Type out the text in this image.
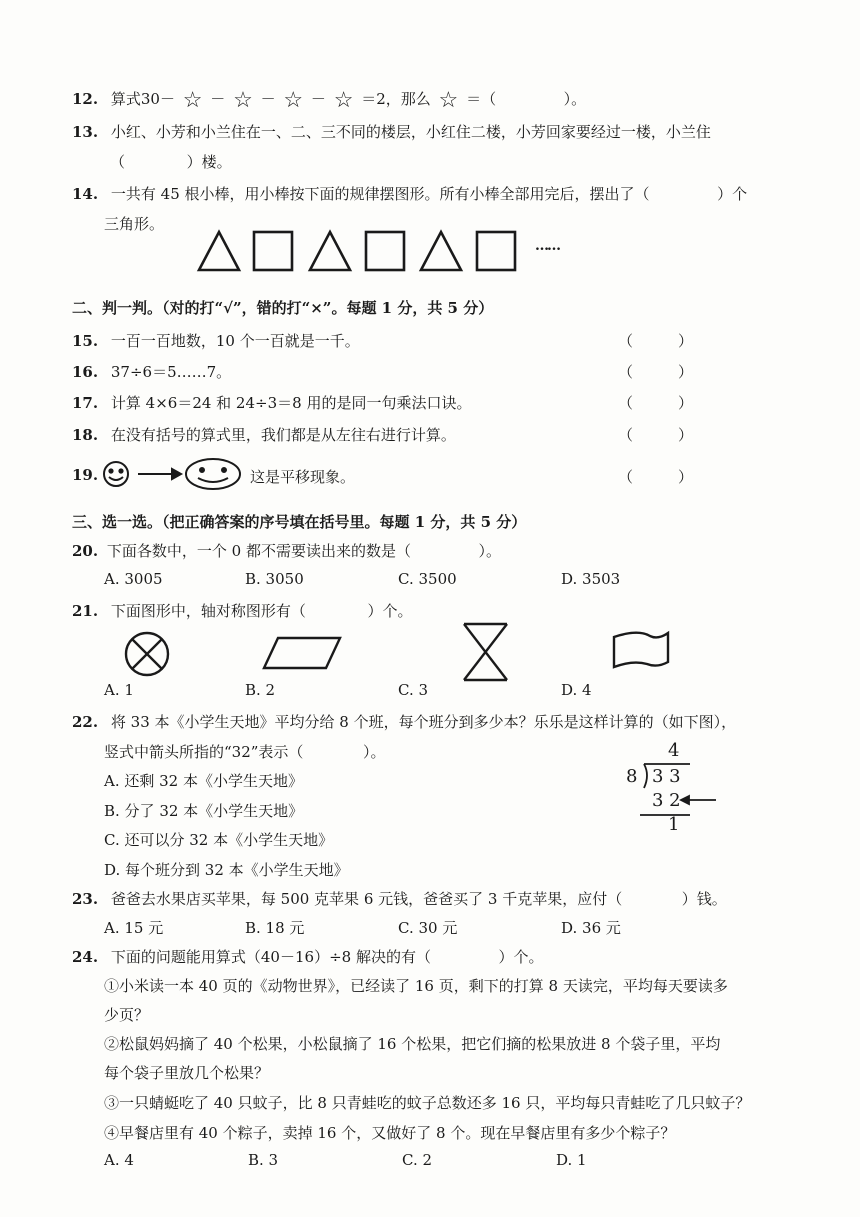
12. 算式30－ ☆ － ☆ － ☆ － ☆ ＝2，那么 ☆ ＝（	）。
13. 小红、小芳和小兰住在一、二、三不同的楼层，小红住二楼，小芳回家要经过一楼，小兰住
（	）楼。
14. 一共有 45 根小棒，用小棒按下面的规律摆图形。所有小棒全部用完后，摆出了（	）个
三角形。
……
二、判一判。（对的打“√”，错的打“×”。每题 1 分，共 5 分）
15. 一百一百地数，10 个一百就是一千。	（　　　）
16. 37÷6＝5……7。	（　　　）
17. 计算 4×6＝24 和 24÷3＝8 用的是同一句乘法口诀。	（　　　）
18. 在没有括号的算式里，我们都是从左往右进行计算。	（　　　）
19.	这是平移现象。	（　　　）
三、选一选。（把正确答案的序号填在括号里。每题 1 分，共 5 分）
20. 下面各数中，一个 0 都不需要读出来的数是（	）。
A. 3005	B. 3050	C. 3500	D. 3503
21. 下面图形中，轴对称图形有（	）个。
A. 1	B. 2	C. 3	D. 4
22. 将 33 本《小学生天地》平均分给 8 个班，每个班分到多少本？乐乐是这样计算的（如下图），
竖式中箭头所指的“32”表示（	）。
A. 还剩 32 本《小学生天地》
B. 分了 32 本《小学生天地》
C. 还可以分 32 本《小学生天地》
D. 每个班分到 32 本《小学生天地》
4
8 3 3
3 2
1
23. 爸爸去水果店买苹果，每 500 克苹果 6 元钱，爸爸买了 3 千克苹果，应付（	）钱。
A. 15 元	B. 18 元	C. 30 元	D. 36 元
24. 下面的问题能用算式（40－16）÷8 解决的有（	）个。
①小米读一本 40 页的《动物世界》，已经读了 16 页，剩下的打算 8 天读完，平均每天要读多
少页？
②松鼠妈妈摘了 40 个松果，小松鼠摘了 16 个松果，把它们摘的松果放进 8 个袋子里，平均
每个袋子里放几个松果？
③一只蜻蜓吃了 40 只蚊子，比 8 只青蛙吃的蚊子总数还多 16 只，平均每只青蛙吃了几只蚊子？
④早餐店里有 40 个粽子，卖掉 16 个，又做好了 8 个。现在早餐店里有多少个粽子？
A. 4	B. 3	C. 2	D. 1
